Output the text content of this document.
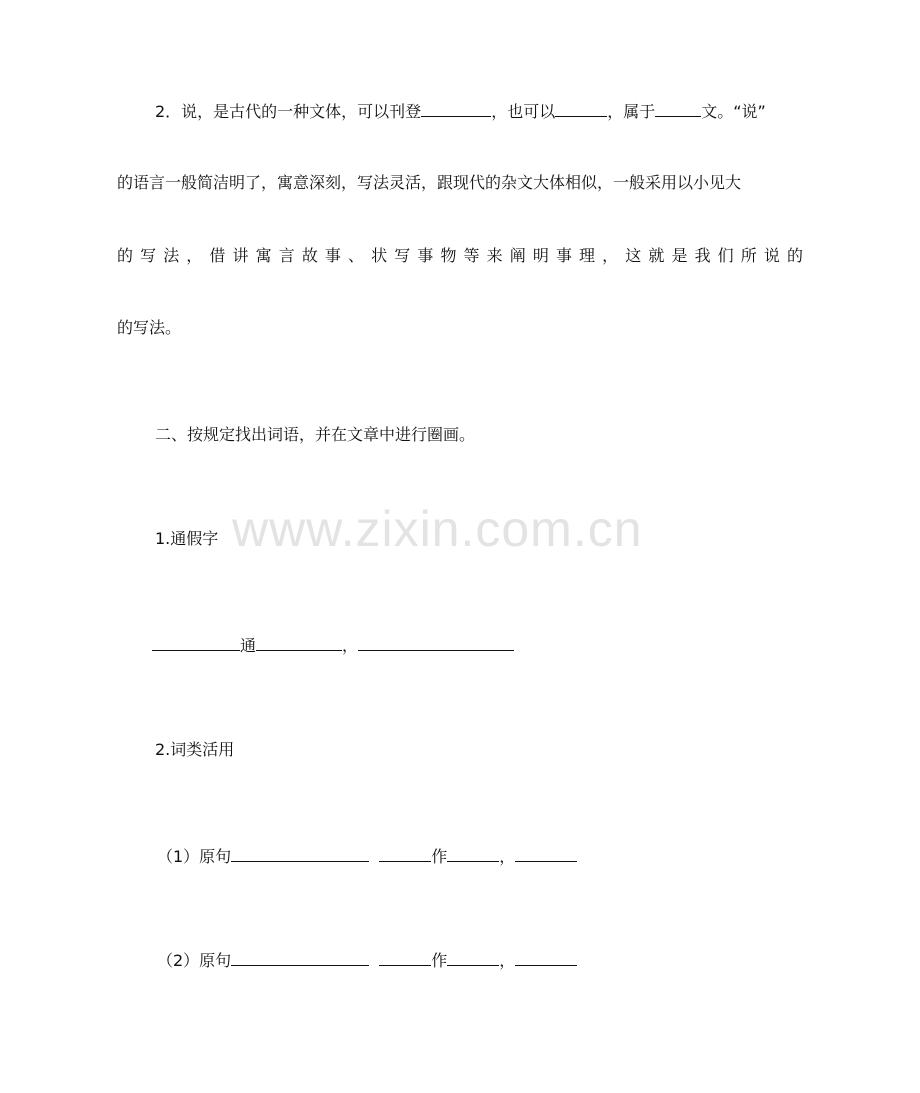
www.zixin.com.cn
2．说，是古代的一种文体，可以刊登	，也可以	，属于	文。“说”
的语言一般简洁明了，寓意深刻，写法灵活，跟现代的杂文大体相似，一般采用以小见大
的写法，借讲寓言故事、状写事物等来阐明事理，这就是我们所说的
的写法。
二、按规定找出词语，并在文章中进行圈画。
1.通假字
通	，
2.词类活用
（1）原句	作	，
（2）原句	作	，
